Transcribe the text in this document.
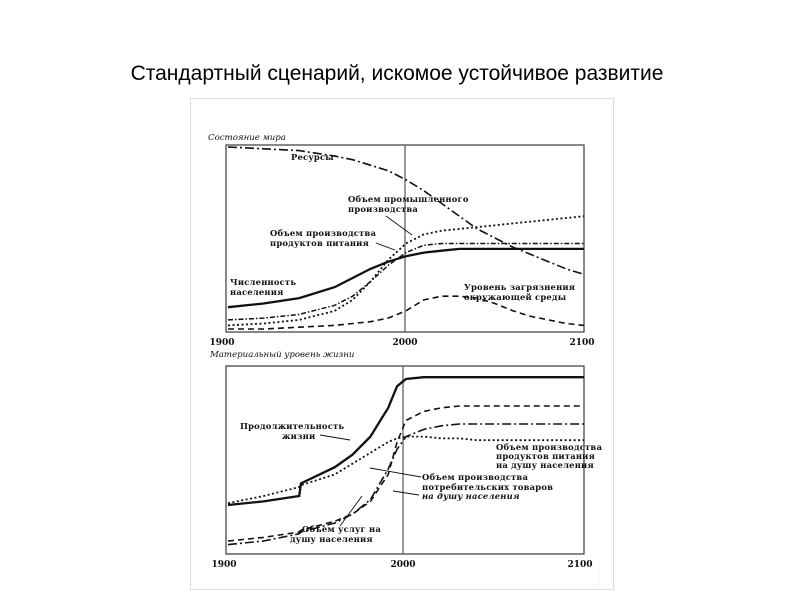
Стандартный сценарий, искомое устойчивое развитие
Состояние мира
Ресурсы
Объем промышленного производства
Объем производства продуктов питания
Численность населения	Уровень загрязнения окружающей среды
1900	2000	2100
Материальный уровень жизни
Продолжительность жизни
Объем производства продуктов питания на душу населения
Объем производства потребительских товаров на душу населения
Объем услуг на душу населения
1900	2000	2100
· · · · · ·
